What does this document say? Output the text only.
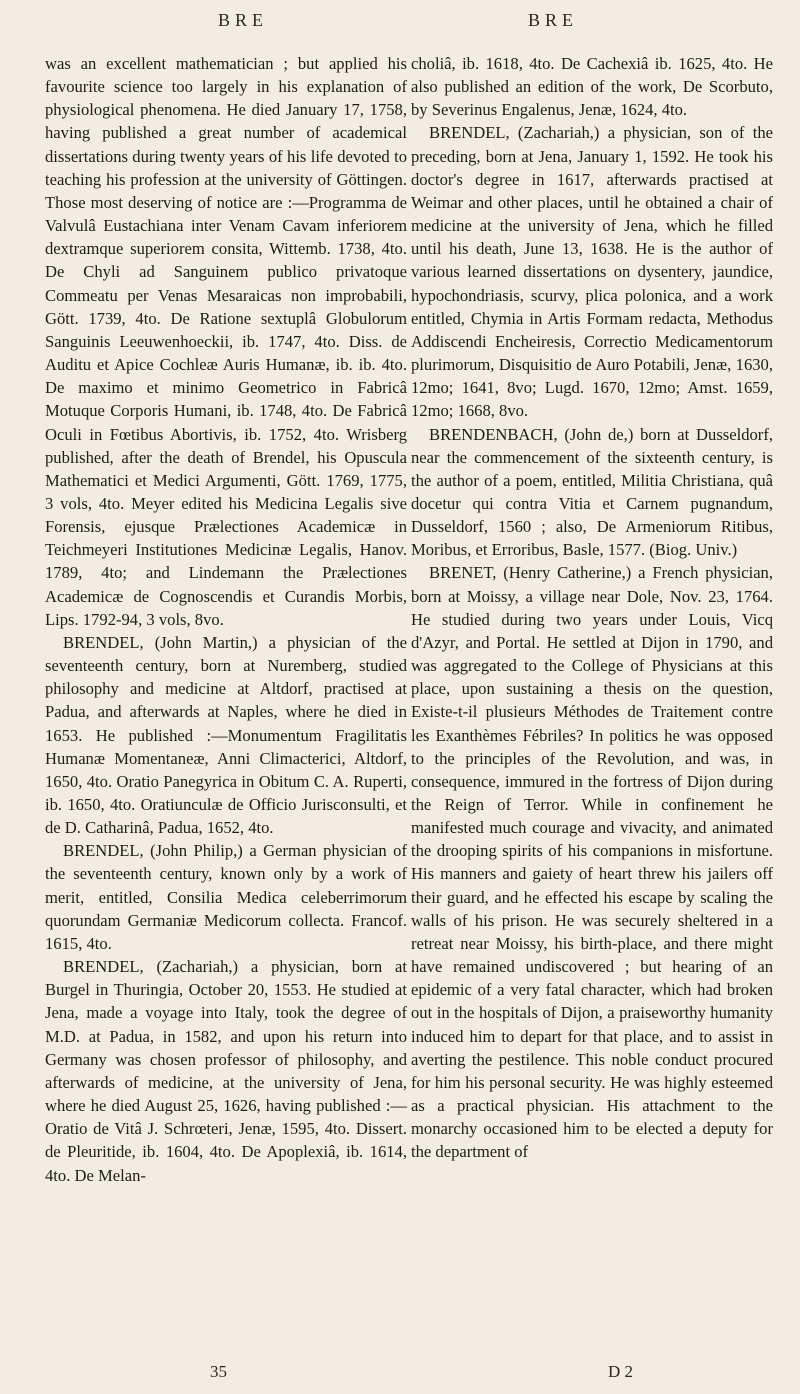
BRE	BRE

was an excellent mathematician ; but applied his favourite science too largely in his explanation of physiological phenomena. He died January 17, 1758, having published a great number of academical dissertations during twenty years of his life devoted to teaching his profession at the university of Göttingen. Those most deserving of notice are :—Programma de Valvulâ Eustachiana inter Venam Cavam inferiorem dextramque superiorem consita, Wittemb. 1738, 4to. De Chyli ad Sanguinem publico privatoque Commeatu per Venas Mesaraicas non improbabili, Gött. 1739, 4to. De Ratione sextuplâ Globulorum Sanguinis Leeuwenhoeckii, ib. 1747, 4to. Diss. de Auditu et Apice Cochleæ Auris Humanæ, ib. ib. 4to. De maximo et minimo Geometrico in Fabricâ Motuque Corporis Humani, ib. 1748, 4to. De Fabricâ Oculi in Fœtibus Abortivis, ib. 1752, 4to. Wrisberg published, after the death of Brendel, his Opuscula Mathematici et Medici Argumenti, Gött. 1769, 1775, 3 vols, 4to. Meyer edited his Medicina Legalis sive Forensis, ejusque Prælectiones Academicæ in Teichmeyeri Institutiones Medicinæ Legalis, Hanov. 1789, 4to; and Lindemann the Prælectiones Academicæ de Cognoscendis et Curandis Morbis, Lips. 1792-94, 3 vols, 8vo.

BRENDEL, (John Martin,) a physician of the seventeenth century, born at Nuremberg, studied philosophy and medicine at Altdorf, practised at Padua, and afterwards at Naples, where he died in 1653. He published :—Monumentum Fragilitatis Humanæ Momentaneæ, Anni Climacterici, Altdorf, 1650, 4to. Oratio Panegyrica in Obitum C. A. Ruperti, ib. 1650, 4to. Oratiunculæ de Officio Jurisconsulti, et de D. Catharinâ, Padua, 1652, 4to.

BRENDEL, (John Philip,) a German physician of the seventeenth century, known only by a work of merit, entitled, Consilia Medica celeberrimorum quorundam Germaniæ Medicorum collecta. Francof. 1615, 4to.

BRENDEL, (Zachariah,) a physician, born at Burgel in Thuringia, October 20, 1553. He studied at Jena, made a voyage into Italy, took the degree of M.D. at Padua, in 1582, and upon his return into Germany was chosen professor of philosophy, and afterwards of medicine, at the university of Jena, where he died August 25, 1626, having published :—Oratio de Vitâ J. Schrœteri, Jenæ, 1595, 4to. Dissert. de Pleuritide, ib. 1604, 4to. De Apoplexiâ, ib. 1614, 4to. De Melan-

choliâ, ib. 1618, 4to. De Cachexiâ ib. 1625, 4to. He also published an edition of the work, De Scorbuto, by Severinus Engalenus, Jenæ, 1624, 4to.

BRENDEL, (Zachariah,) a physician, son of the preceding, born at Jena, January 1, 1592. He took his doctor's degree in 1617, afterwards practised at Weimar and other places, until he obtained a chair of medicine at the university of Jena, which he filled until his death, June 13, 1638. He is the author of various learned dissertations on dysentery, jaundice, hypochondriasis, scurvy, plica polonica, and a work entitled, Chymia in Artis Formam redacta, Methodus Addiscendi Encheiresis, Correctio Medicamentorum plurimorum, Disquisitio de Auro Potabili, Jenæ, 1630, 12mo; 1641, 8vo; Lugd. 1670, 12mo; Amst. 1659, 12mo; 1668, 8vo.

BRENDENBACH, (John de,) born at Dusseldorf, near the commencement of the sixteenth century, is the author of a poem, entitled, Militia Christiana, quâ docetur qui contra Vitia et Carnem pugnandum, Dusseldorf, 1560 ; also, De Armeniorum Ritibus, Moribus, et Erroribus, Basle, 1577. (Biog. Univ.)

BRENET, (Henry Catherine,) a French physician, born at Moissy, a village near Dole, Nov. 23, 1764. He studied during two years under Louis, Vicq d'Azyr, and Portal. He settled at Dijon in 1790, and was aggregated to the College of Physicians at this place, upon sustaining a thesis on the question, Existe-t-il plusieurs Méthodes de Traitement contre les Exanthèmes Fébriles? In politics he was opposed to the principles of the Revolution, and was, in consequence, immured in the fortress of Dijon during the Reign of Terror. While in confinement he manifested much courage and vivacity, and animated the drooping spirits of his companions in misfortune. His manners and gaiety of heart threw his jailers off their guard, and he effected his escape by scaling the walls of his prison. He was securely sheltered in a retreat near Moissy, his birth-place, and there might have remained undiscovered ; but hearing of an epidemic of a very fatal character, which had broken out in the hospitals of Dijon, a praiseworthy humanity induced him to depart for that place, and to assist in averting the pestilence. This noble conduct procured for him his personal security. He was highly esteemed as a practical physician. His attachment to the monarchy occasioned him to be elected a deputy for the department of

35	D 2
